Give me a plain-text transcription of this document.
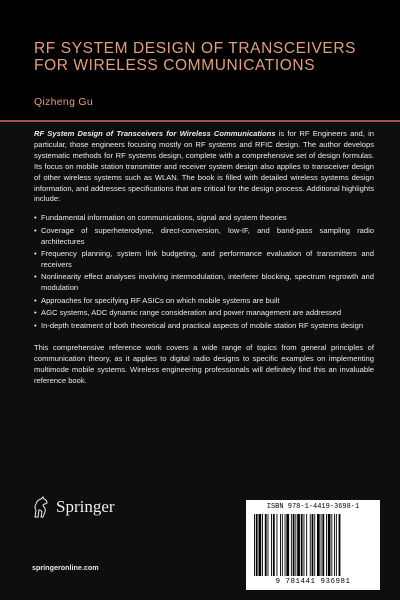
RF SYSTEM DESIGN OF TRANSCEIVERS FOR WIRELESS COMMUNICATIONS
Qizheng Gu

RF System Design of Transceivers for Wireless Communications is for RF Engineers and, in particular, those engineers focusing mostly on RF systems and RFIC design. The author develops systematic methods for RF systems design, complete with a comprehensive set of design formulas. Its focus on mobile station transmitter and receiver system design also applies to transceiver design of other wireless systems such as WLAN. The book is filled with detailed wireless systems design information, and addresses specifications that are critical for the design process. Additional highlights include:

• Fundamental information on communications, signal and system theories
• Coverage of superheterodyne, direct-conversion, low-IF, and band-pass sampling radio architectures
• Frequency planning, system link budgeting, and performance evaluation of transmitters and receivers
• Nonlinearity effect analyses involving intermodulation, interferer blocking, spectrum regrowth and modulation
• Approaches for specifying RF ASICs on which mobile systems are built
• AGC systems, ADC dynamic range consideration and power management are addressed
• In-depth treatment of both theoretical and practical aspects of mobile station RF systems design

This comprehensive reference work covers a wide range of topics from general principles of communication theory, as it applies to digital radio designs to specific examples on implementing multimode mobile systems. Wireless engineering professionals will definitely find this an invaluable reference book.

Springer
springeronline.com
ISBN 978-1-4419-3698-1
9 781441 936981
